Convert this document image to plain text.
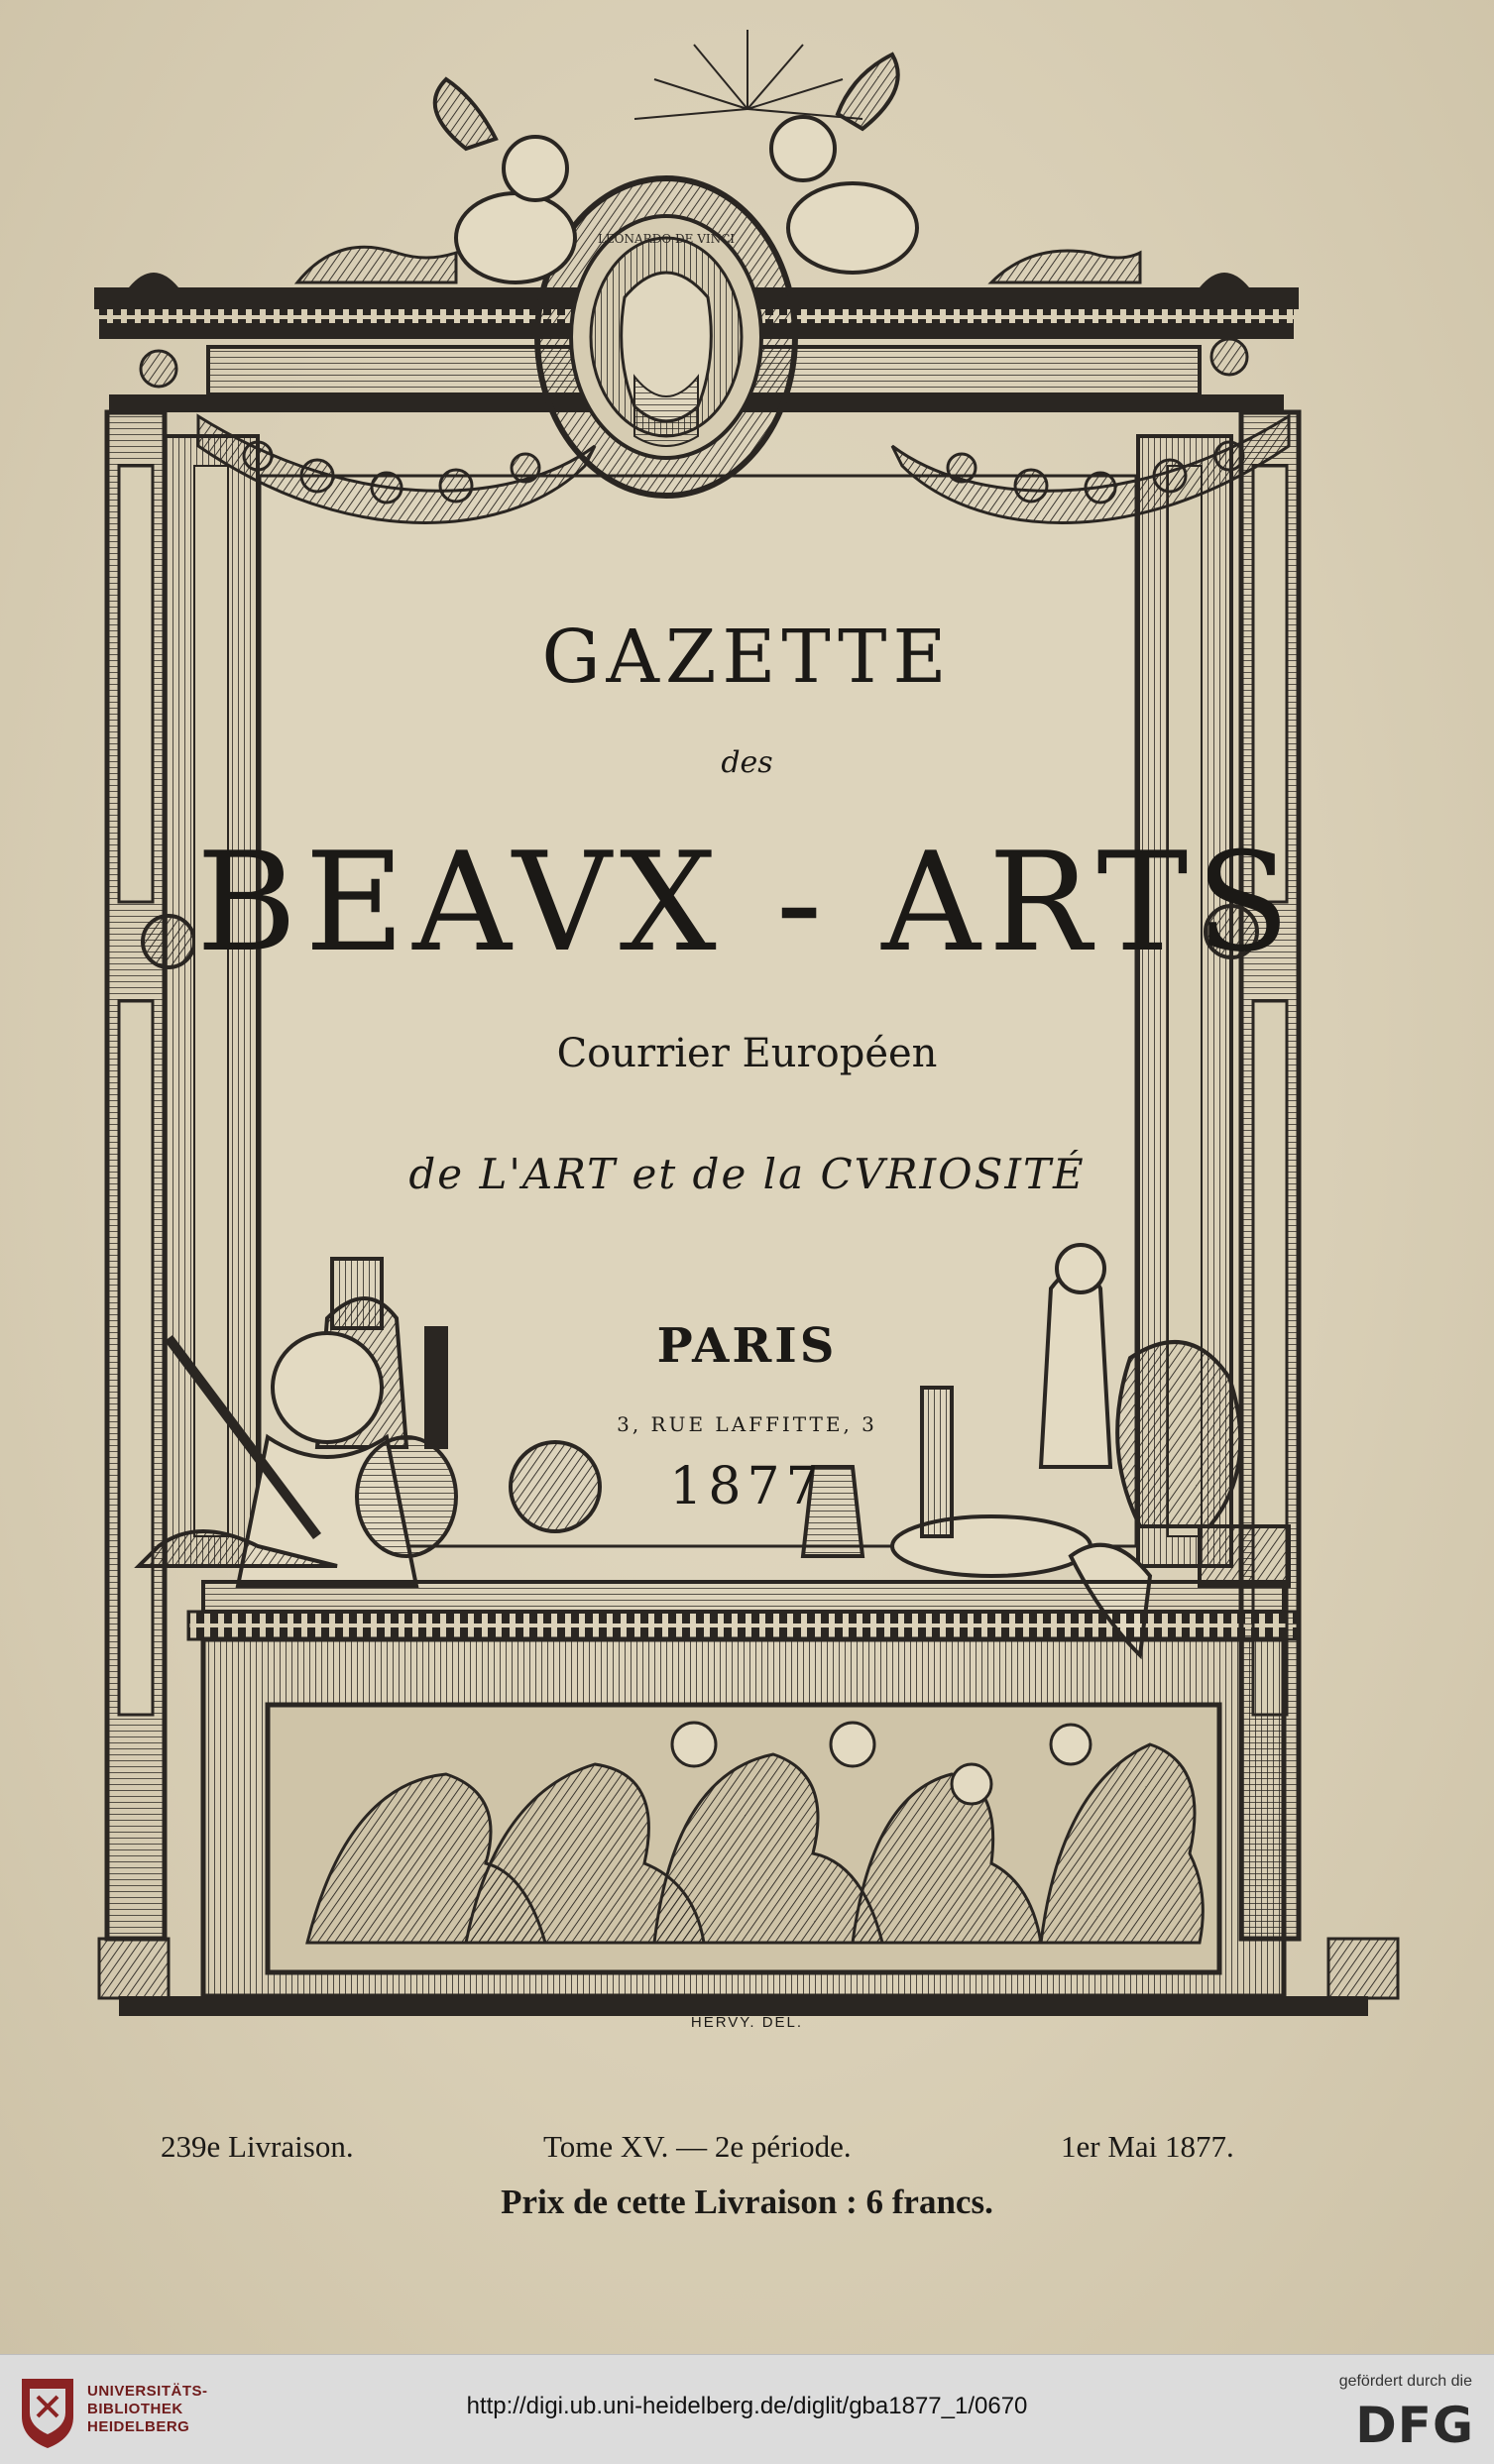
LEONARDO DE VINCI
GAZETTE
des
BEAVX - ARTS
Courrier Européen
de L'ART et de la CVRIOSITÉ
PARIS
3, RUE LAFFITTE, 3
1877
HERVY. DEL.
239e Livraison.	Tome XV. — 2e période.	1er Mai 1877.
Prix de cette Livraison : 6 francs.
UNIVERSITÄTS-
BIBLIOTHEK
HEIDELBERG
http://digi.ub.uni-heidelberg.de/diglit/gba1877_1/0670
gefördert durch die
DFG
